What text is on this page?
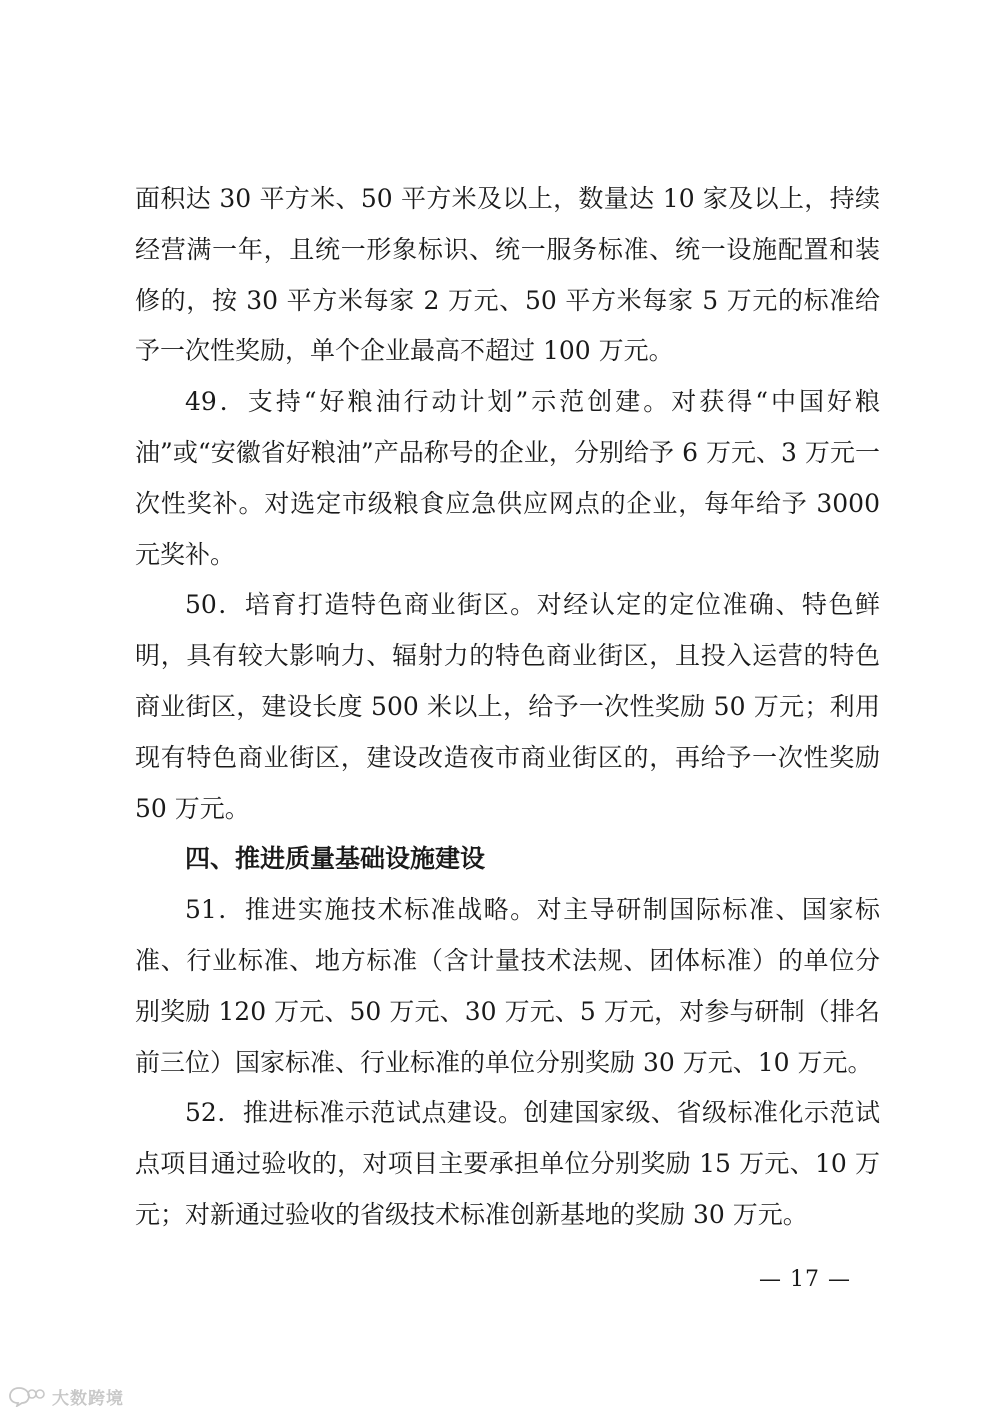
面积达 30 平方米、50 平方米及以上，数量达 10 家及以上，持续经营满一年，且统一形象标识、统一服务标准、统一设施配置和装修的，按 30 平方米每家 2 万元、50 平方米每家 5 万元的标准给予一次性奖励，单个企业最高不超过 100 万元。

49．支持“好粮油行动计划”示范创建。对获得“中国好粮油”或“安徽省好粮油”产品称号的企业，分别给予 6 万元、3 万元一次性奖补。对选定市级粮食应急供应网点的企业，每年给予 3000 元奖补。

50．培育打造特色商业街区。对经认定的定位准确、特色鲜明，具有较大影响力、辐射力的特色商业街区，且投入运营的特色商业街区，建设长度 500 米以上，给予一次性奖励 50 万元；利用现有特色商业街区，建设改造夜市商业街区的，再给予一次性奖励 50 万元。

四、推进质量基础设施建设

51．推进实施技术标准战略。对主导研制国际标准、国家标准、行业标准、地方标准（含计量技术法规、团体标准）的单位分别奖励 120 万元、50 万元、30 万元、5 万元，对参与研制（排名前三位）国家标准、行业标准的单位分别奖励 30 万元、10 万元。

52．推进标准示范试点建设。创建国家级、省级标准化示范试点项目通过验收的，对项目主要承担单位分别奖励 15 万元、10 万元；对新通过验收的省级技术标准创新基地的奖励 30 万元。

— 17 —
大数跨境
